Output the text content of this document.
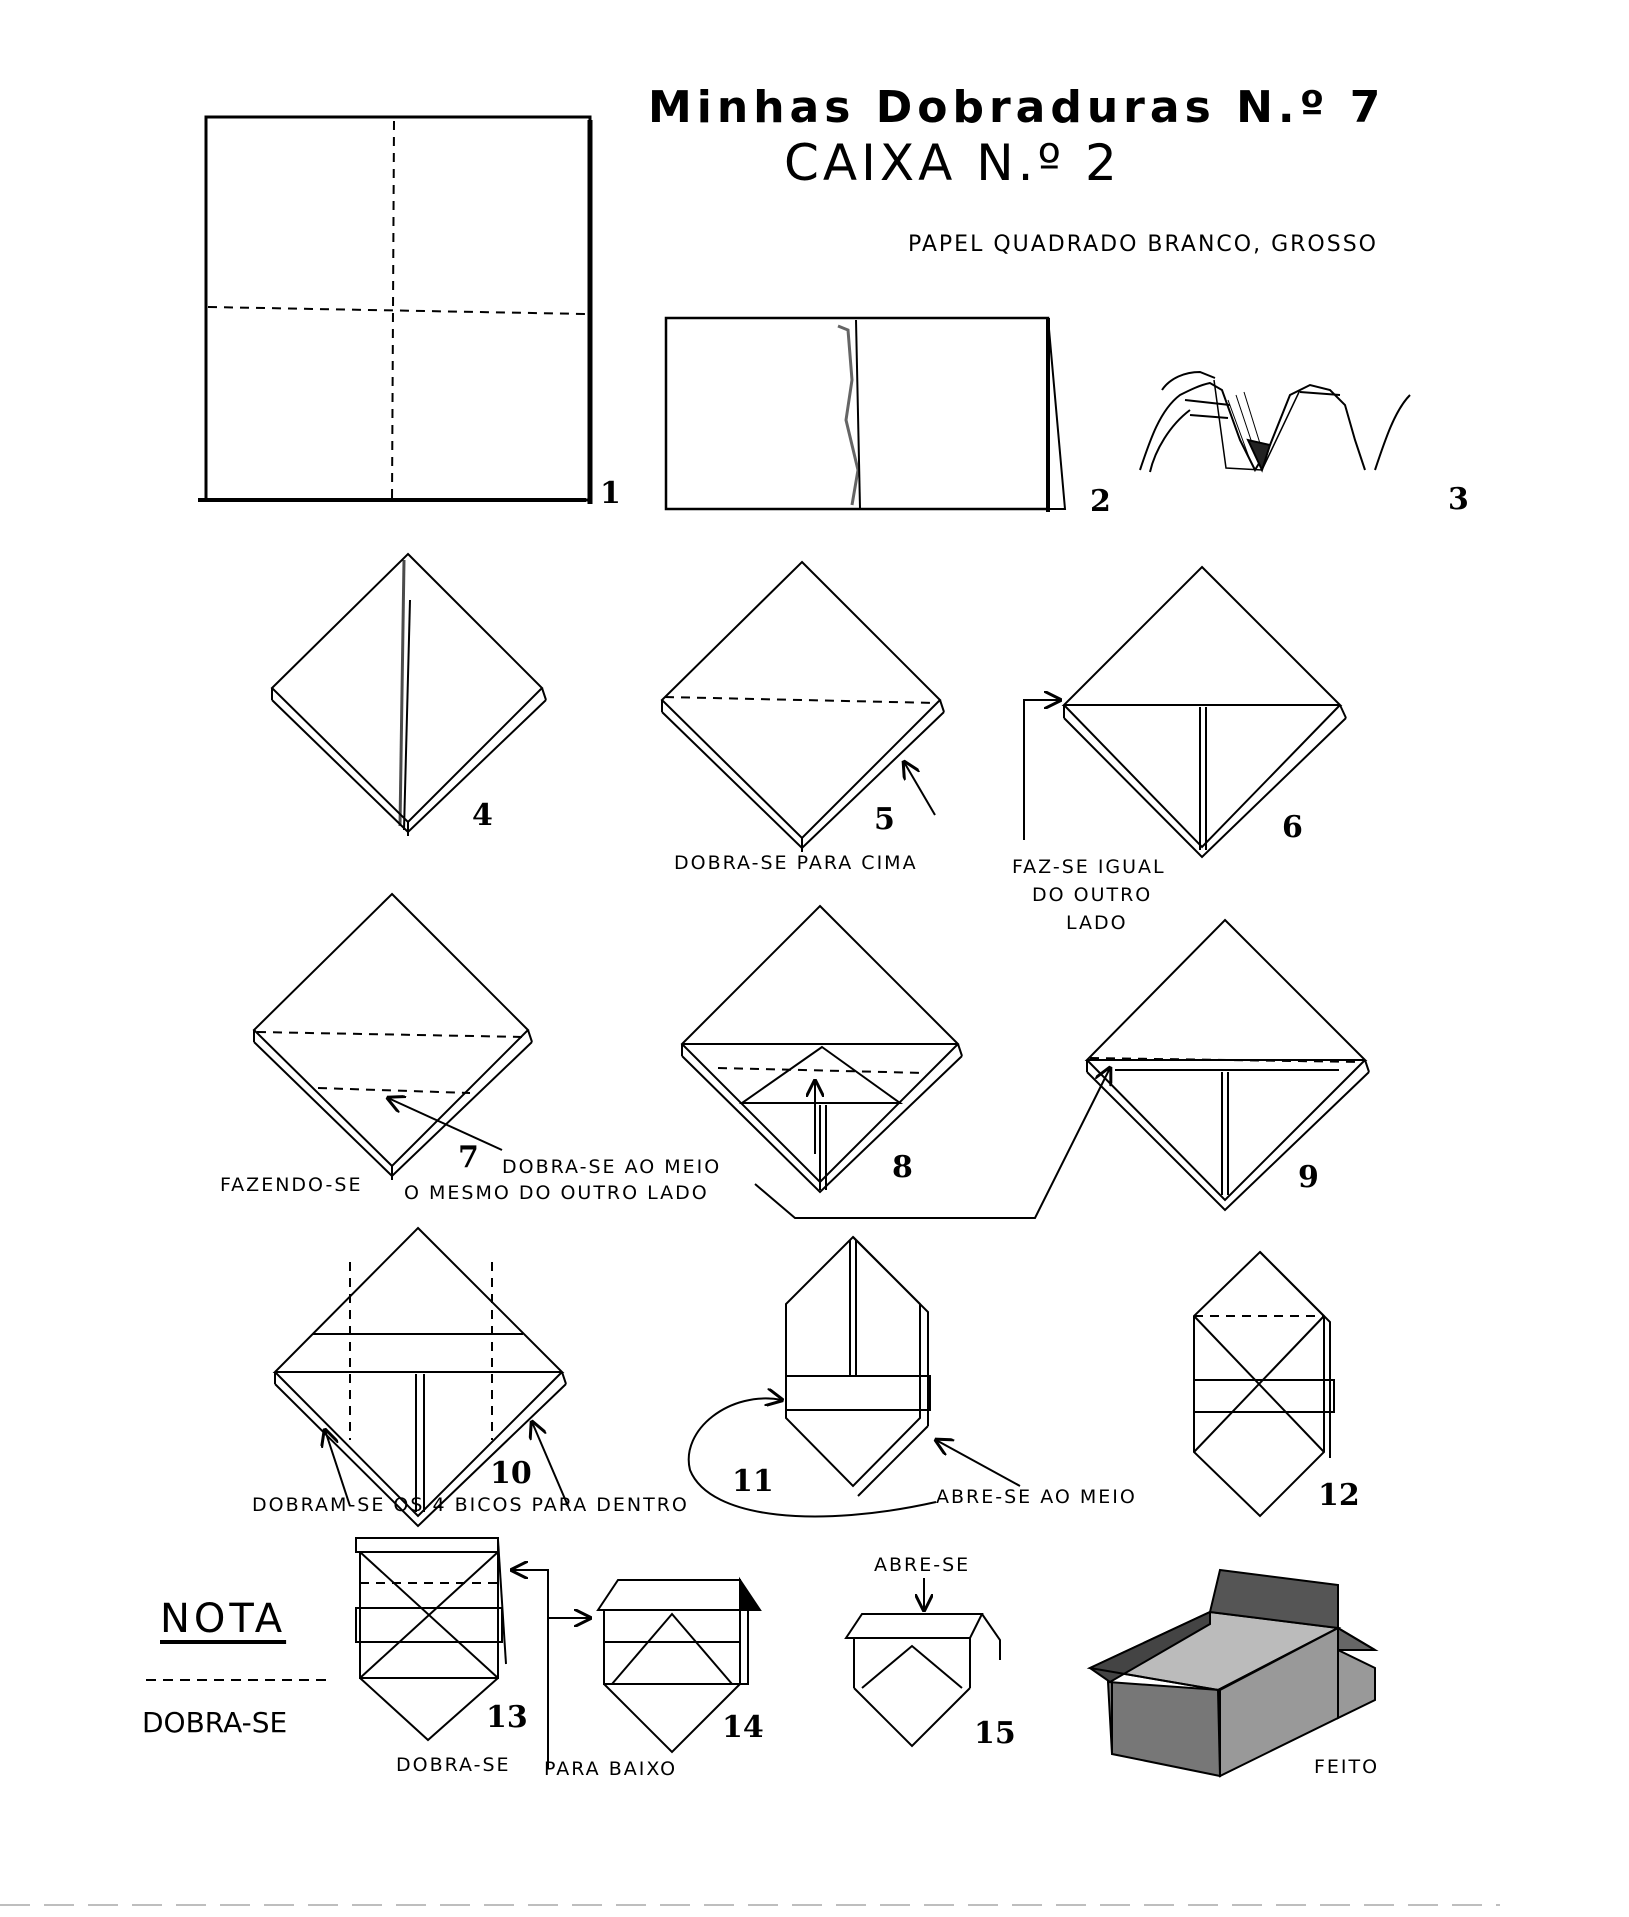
Minhas Dobraduras N.º 7
CAIXA N.º 2
PAPEL QUADRADO BRANCO, GROSSO
1	2	3
4	5	6
7	8	9
10	11	12
13	14	15
DOBRA-SE PARA CIMA	FAZ-SE IGUAL
DO OUTRO
LADO
DOBRA-SE AO MEIO
FAZENDO-SE O MESMO DO OUTRO LADO
DOBRAM-SE OS 4 BICOS PARA DENTRO	ABRE-SE AO MEIO
ABRE-SE
DOBRA-SE PARA BAIXO	FEITO
NOTA
DOBRA-SE
